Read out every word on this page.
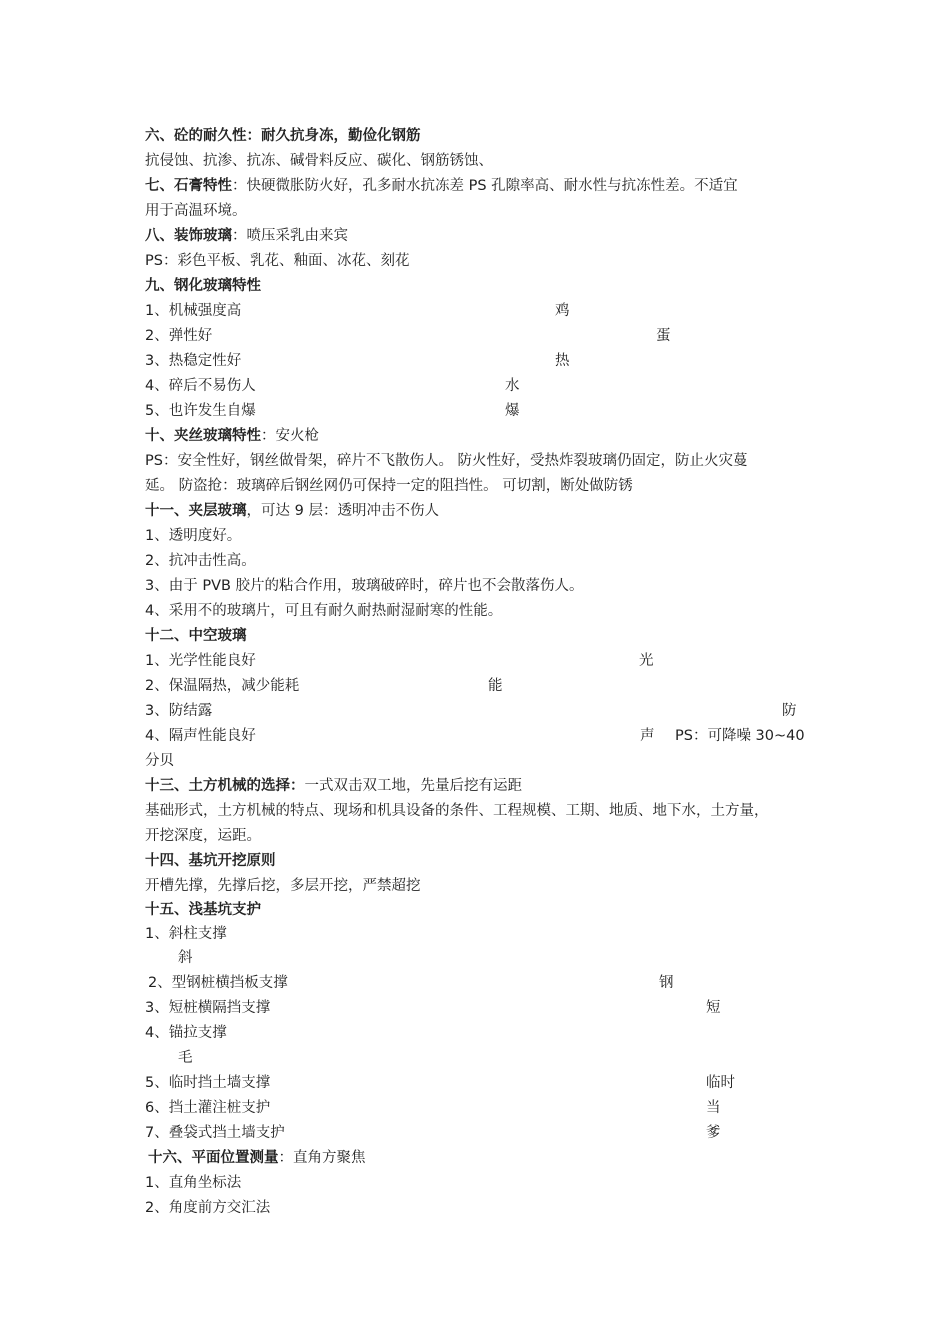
六、砼的耐久性：耐久抗身冻，勤俭化钢筋
抗侵蚀、抗渗、抗冻、碱骨料反应、碳化、钢筋锈蚀、
七、石膏特性：快硬微胀防火好，孔多耐水抗冻差 PS 孔隙率高、耐水性与抗冻性差。不适宜
用于高温环境。
八、装饰玻璃：喷压采乳由来宾
PS：彩色平板、乳花、釉面、冰花、刻花
九、钢化玻璃特性
1、机械强度高	鸡
2、弹性好	蛋
3、热稳定性好	热
4、碎后不易伤人	水
5、也许发生自爆	爆
十、夹丝玻璃特性：安火枪
PS：安全性好，钢丝做骨架，碎片不飞散伤人。 防火性好，受热炸裂玻璃仍固定，防止火灾蔓
延。 防盗抢：玻璃碎后钢丝网仍可保持一定的阻挡性。 可切割，断处做防锈
十一、夹层玻璃，可达 9 层：透明冲击不伤人
1、透明度好。
2、抗冲击性高。
3、由于 PVB 胶片的粘合作用，玻璃破碎时，碎片也不会散落伤人。
4、采用不的玻璃片，可且有耐久耐热耐湿耐寒的性能。
十二、中空玻璃
1、光学性能良好	光
2、保温隔热，减少能耗	能
3、防结露	防
4、隔声性能良好	声 PS：可降噪 30~40
分贝
十三、土方机械的选择：一式双击双工地，先量后挖有运距
基础形式，土方机械的特点、现场和机具设备的条件、工程规模、工期、地质、地下水，土方量，
开挖深度，运距。
十四、基坑开挖原则
开槽先撑，先撑后挖，多层开挖，严禁超挖
十五、浅基坑支护
1、斜柱支撑
斜
2、型钢桩横挡板支撑	钢
3、短桩横隔挡支撑	短
4、锚拉支撑
毛
5、临时挡土墙支撑	临时
6、挡土灌注桩支护	当
7、叠袋式挡土墙支护	爹
十六、平面位置测量：直角方聚焦
1、直角坐标法
2、角度前方交汇法
